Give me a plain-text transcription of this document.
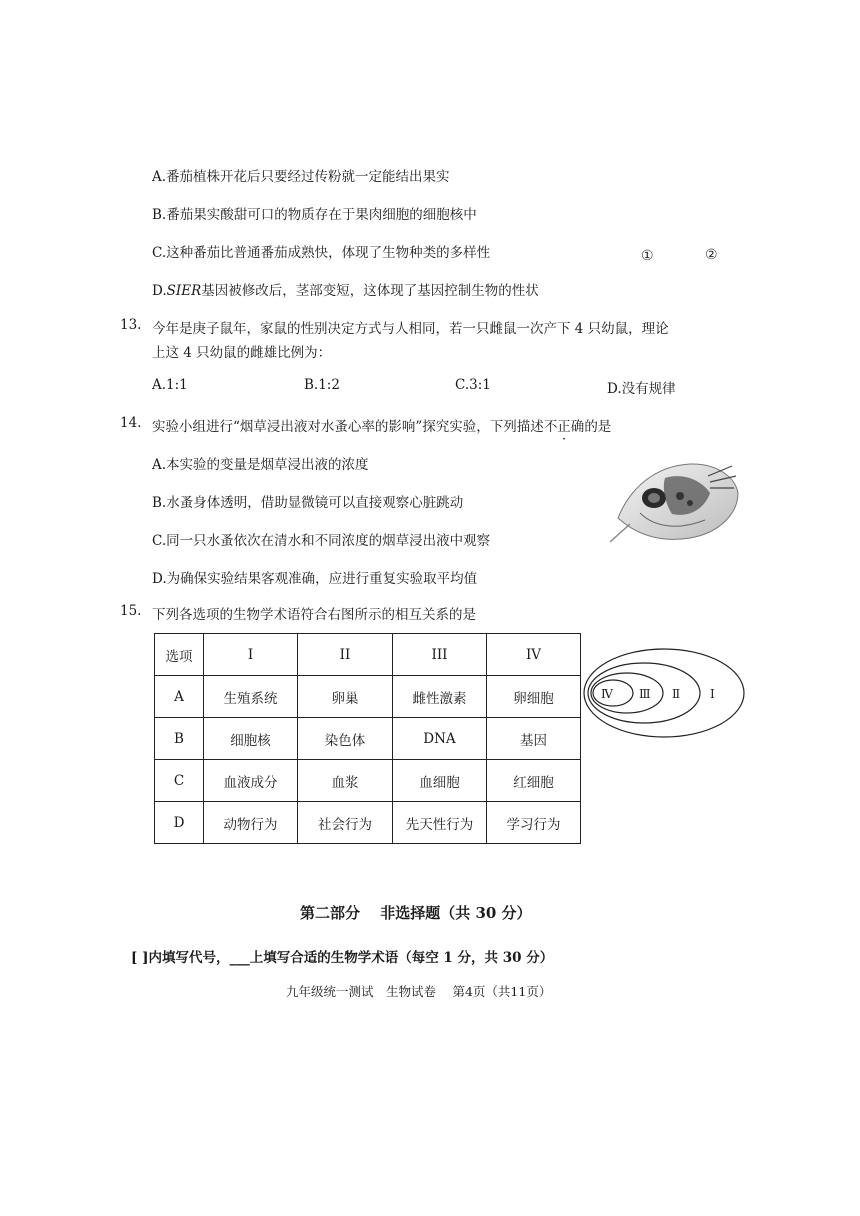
A.番茄植株开花后只要经过传粉就一定能结出果实
B.番茄果实酸甜可口的物质存在于果肉细胞的细胞核中
C.这种番茄比普通番茄成熟快，体现了生物种类的多样性
D.SIER基因被修改后，茎部变短，这体现了基因控制生物的性状
①	②
13. 今年是庚子鼠年，家鼠的性别决定方式与人相同，若一只雌鼠一次产下 4 只幼鼠，理论
上这 4 只幼鼠的雌雄比例为：
A.1:1	B.1:2	C.3:1	D.没有规律
14. 实验小组进行“烟草浸出液对水蚤心率的影响”探究实验，下列描述不正确的是
A.本实验的变量是烟草浸出液的浓度
B.水蚤身体透明，借助显微镜可以直接观察心脏跳动
C.同一只水蚤依次在清水和不同浓度的烟草浸出液中观察
D.为确保实验结果客观准确，应进行重复实验取平均值
15. 下列各选项的生物学术语符合右图所示的相互关系的是
选项	I	II	III	IV
A	生殖系统	卵巢	雌性激素	卵细胞
B	细胞核	染色体	DNA	基因
C	血液成分	血浆	血细胞	红细胞
D	动物行为	社会行为	先天性行为	学习行为
Ⅳ Ⅲ Ⅱ Ⅰ
第二部分　 非选择题（共 30 分）
[ ]内填写代号，___上填写合适的生物学术语（每空 1 分，共 30 分）
九年级统一测试　生物试卷　 第4页（共11页）
